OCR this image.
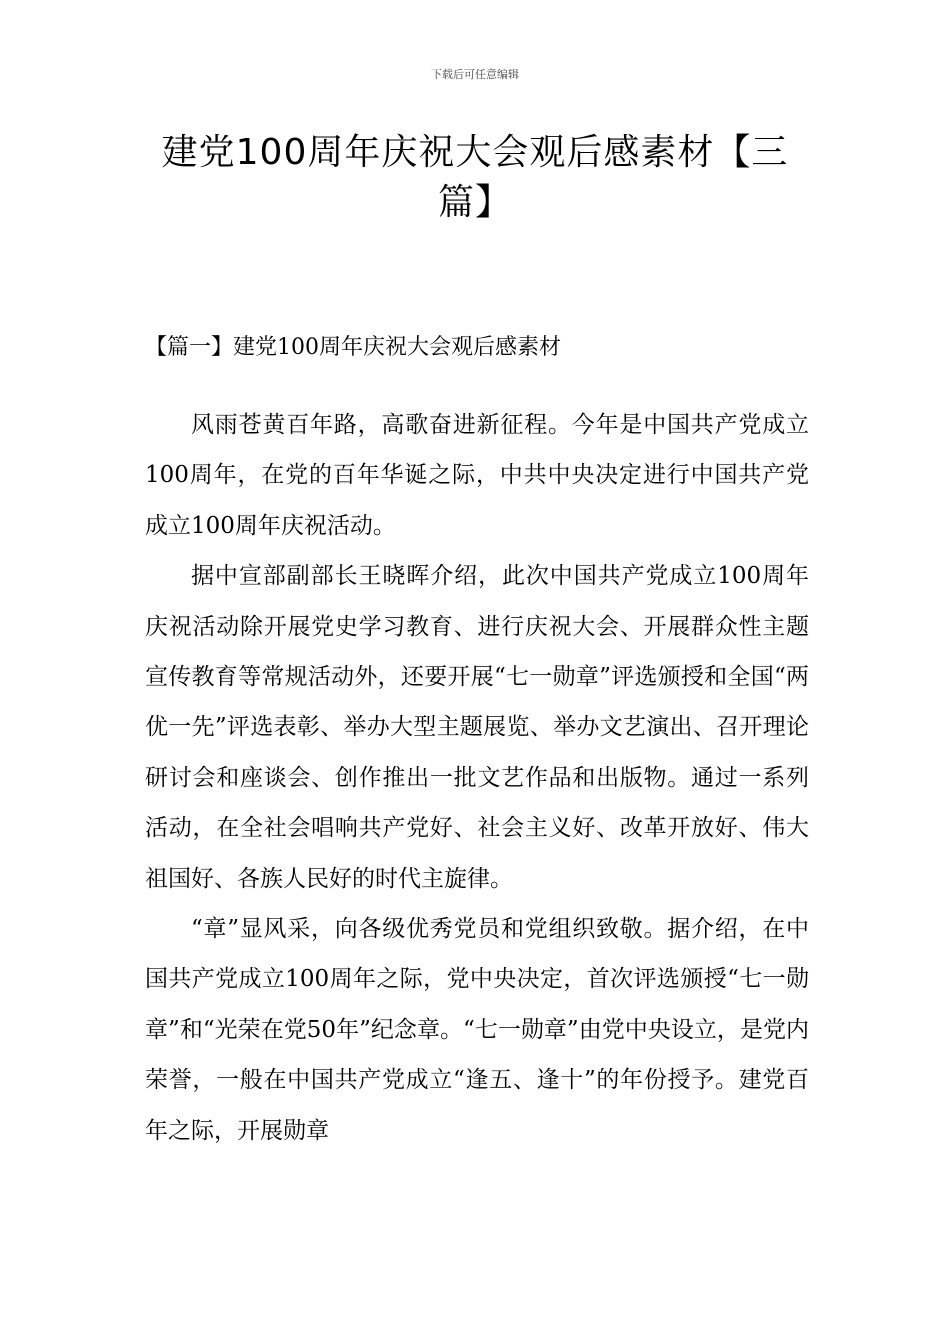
下载后可任意编辑
建党100周年庆祝大会观后感素材【三篇】
【篇一】建党100周年庆祝大会观后感素材

风雨苍黄百年路，高歌奋进新征程。今年是中国共产党成立100周年，在党的百年华诞之际，中共中央决定进行中国共产党成立100周年庆祝活动。

据中宣部副部长王晓晖介绍，此次中国共产党成立100周年庆祝活动除开展党史学习教育、进行庆祝大会、开展群众性主题宣传教育等常规活动外，还要开展“七一勋章”评选颁授和全国“两优一先”评选表彰、举办大型主题展览、举办文艺演出、召开理论研讨会和座谈会、创作推出一批文艺作品和出版物。通过一系列活动，在全社会唱响共产党好、社会主义好、改革开放好、伟大祖国好、各族人民好的时代主旋律。

“章”显风采，向各级优秀党员和党组织致敬。据介绍，在中国共产党成立100周年之际，党中央决定，首次评选颁授“七一勋章”和“光荣在党50年”纪念章。“七一勋章”由党中央设立，是党内荣誉，一般在中国共产党成立“逢五、逢十”的年份授予。建党百年之际，开展勋章
